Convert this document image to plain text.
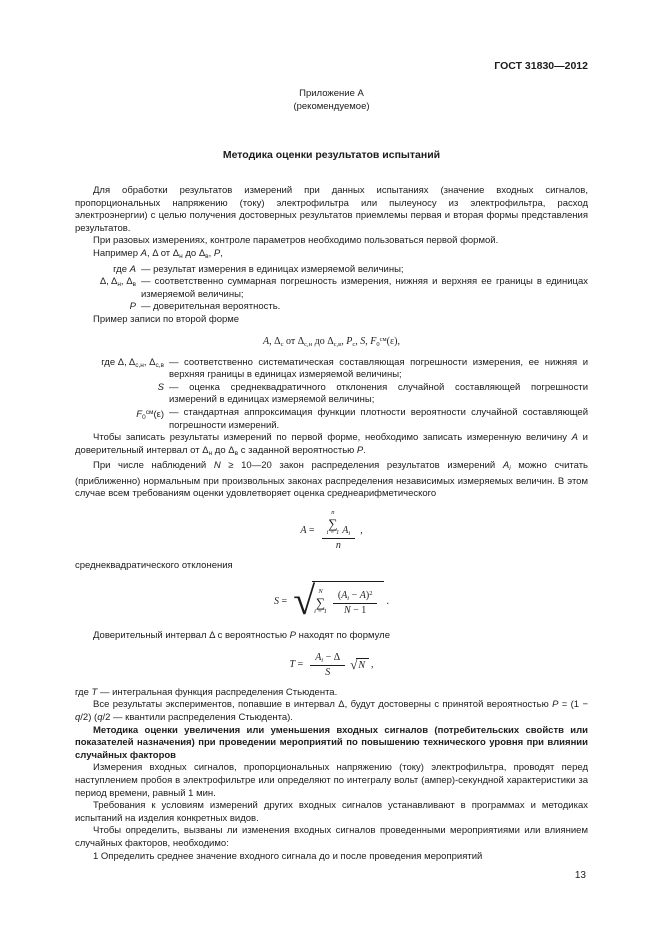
ГОСТ 31830—2012
Приложение А
(рекомендуемое)
Методика оценки результатов испытаний

Для обработки результатов измерений при данных испытаниях (значение входных сигналов, пропорциональных напряжению (току) электрофильтра или пылеуносу из электрофильтра, расход электроэнергии) с целью получения достоверных результатов приемлемы первая и вторая формы представления результатов.

При разовых измерениях, контроле параметров необходимо пользоваться первой формой.

Например А, Δ от $\Delta_н$ до $\Delta_в$, Р,

где А — результат измерения в единицах измеряемой величины;
Δ, $\Delta_н$, $\Delta_в$ — соответственно суммарная погрешность измерения, нижняя и верхняя ее границы в единицах измеряемой величины;
Р — доверительная вероятность.

Пример записи по второй форме

А, $\Delta_с$ от $\Delta_{с,н}$ до $\Delta_{с,в}$, $Р_с$, S, $F_0^{см}(\varepsilon)$,
где Δ, $\Delta_{с,н}$, $\Delta_{с,в}$ — соответственно систематическая составляющая погрешности измерения, ее нижняя и верхняя границы в единицах измеряемой величины;
S — оценка среднеквадратичного отклонения случайной составляющей погрешности измерений в единицах измеряемой величины;
$F_0^{см}(\varepsilon)$ — стандартная аппроксимация функции плотности вероятности случайной составляющей погрешности измерений.

Чтобы записать результаты измерений по первой форме, необходимо записать измеренную величину А и доверительный интервал от $\Delta_н$ до $\Delta_в$ с заданной вероятностью Р.

При числе наблюдений N ≥ 10—20 закон распределения результатов измерений $А_i$ можно считать (приближенно) нормальным при произвольных законах распределения независимых измеряемых величин. В этом случае всем требованиям оценки удовлетворяет оценка среднеарифметического

А = n
∑
i = 1 $А_i$
n ,

среднеквадратического отклонения

S = √ N
∑
$i = 1 \frac{(А_i - А)^2}{N - 1}$ .

Доверительный интервал Δ с вероятностью Р находят по формуле

$Т = \frac{А_i - \Delta}{S}$ √ N ,

где Т — интегральная функция распределения Стьюдента.

Все результаты экспериментов, попавшие в интервал Δ, будут достоверны с принятой вероятностью Р = (1 − q/2) (q/2 — квантили распределения Стьюдента).

Методика оценки увеличения или уменьшения входных сигналов (потребительских свойств или показателей назначения) при проведении мероприятий по повышению технического уровня при влиянии случайных факторов

Измерения входных сигналов, пропорциональных напряжению (току) электрофильтра, проводят перед наступлением пробоя в электрофильтре или определяют по интегралу вольт (ампер)-секундной характеристики за период времени, равный 1 мин.

Требования к условиям измерений других входных сигналов устанавливают в программах и методиках испытаний на изделия конкретных видов.

Чтобы определить, вызваны ли изменения входных сигналов проведенными мероприятиями или влиянием случайных факторов, необходимо:

1 Определить среднее значение входного сигнала до и после проведения мероприятий

13
